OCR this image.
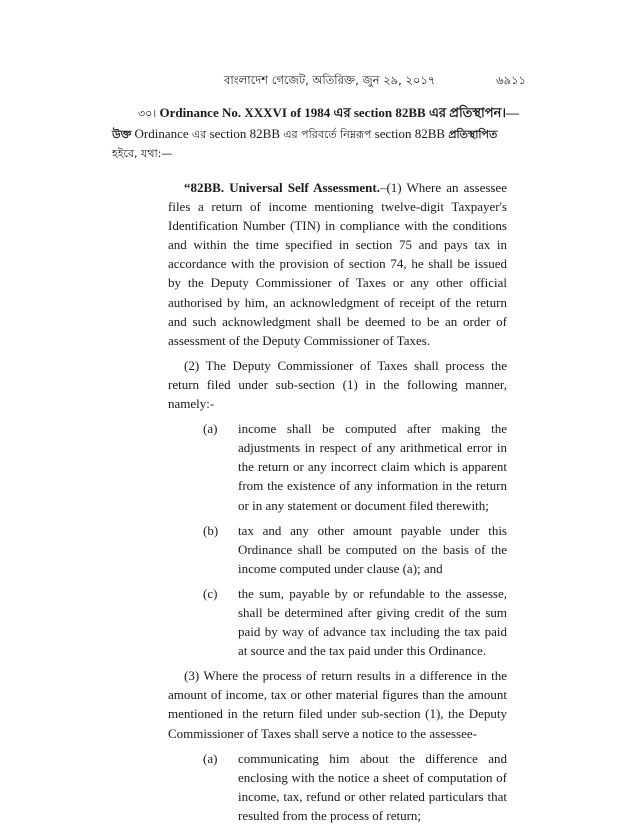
বাংলাদেশ গেজেট, অতিরিক্ত, জুন ২৯, ২০১৭	৬৯১১
৩০। Ordinance No. XXXVI of 1984 এর section 82BB এর প্রতিস্থাপন।—
উক্ত Ordinance এর section 82BB এর পরিবর্তে নিম্নরূপ section 82BB প্রতিস্থাপিত
হইবে, যথা:—

“82BB. Universal Self Assessment.–(1) Where an assessee files a return of income mentioning twelve-digit Taxpayer's Identification Number (TIN) in compliance with the conditions and within the time specified in section 75 and pays tax in accordance with the provision of section 74, he shall be issued by the Deputy Commissioner of Taxes or any other official authorised by him, an acknowledgment of receipt of the return and such acknowledgment shall be deemed to be an order of assessment of the Deputy Commissioner of Taxes.

(2) The Deputy Commissioner of Taxes shall process the return filed under sub-section (1) in the following manner, namely:-

(a) income shall be computed after making the adjustments in respect of any arithmetical error in the return or any incorrect claim which is apparent from the existence of any information in the return or in any statement or document filed therewith;
(b) tax and any other amount payable under this Ordinance shall be computed on the basis of the income computed under clause (a); and
(c) the sum, payable by or refundable to the assesse, shall be determined after giving credit of the sum paid by way of advance tax including the tax paid at source and the tax paid under this Ordinance.

(3) Where the process of return results in a difference in the amount of income, tax or other material figures than the amount mentioned in the return filed under sub-section (1), the Deputy Commissioner of Taxes shall serve a notice to the assessee-

(a) communicating him about the difference and enclosing with the notice a sheet of computation of income, tax, refund or other related particulars that resulted from the process of return;
